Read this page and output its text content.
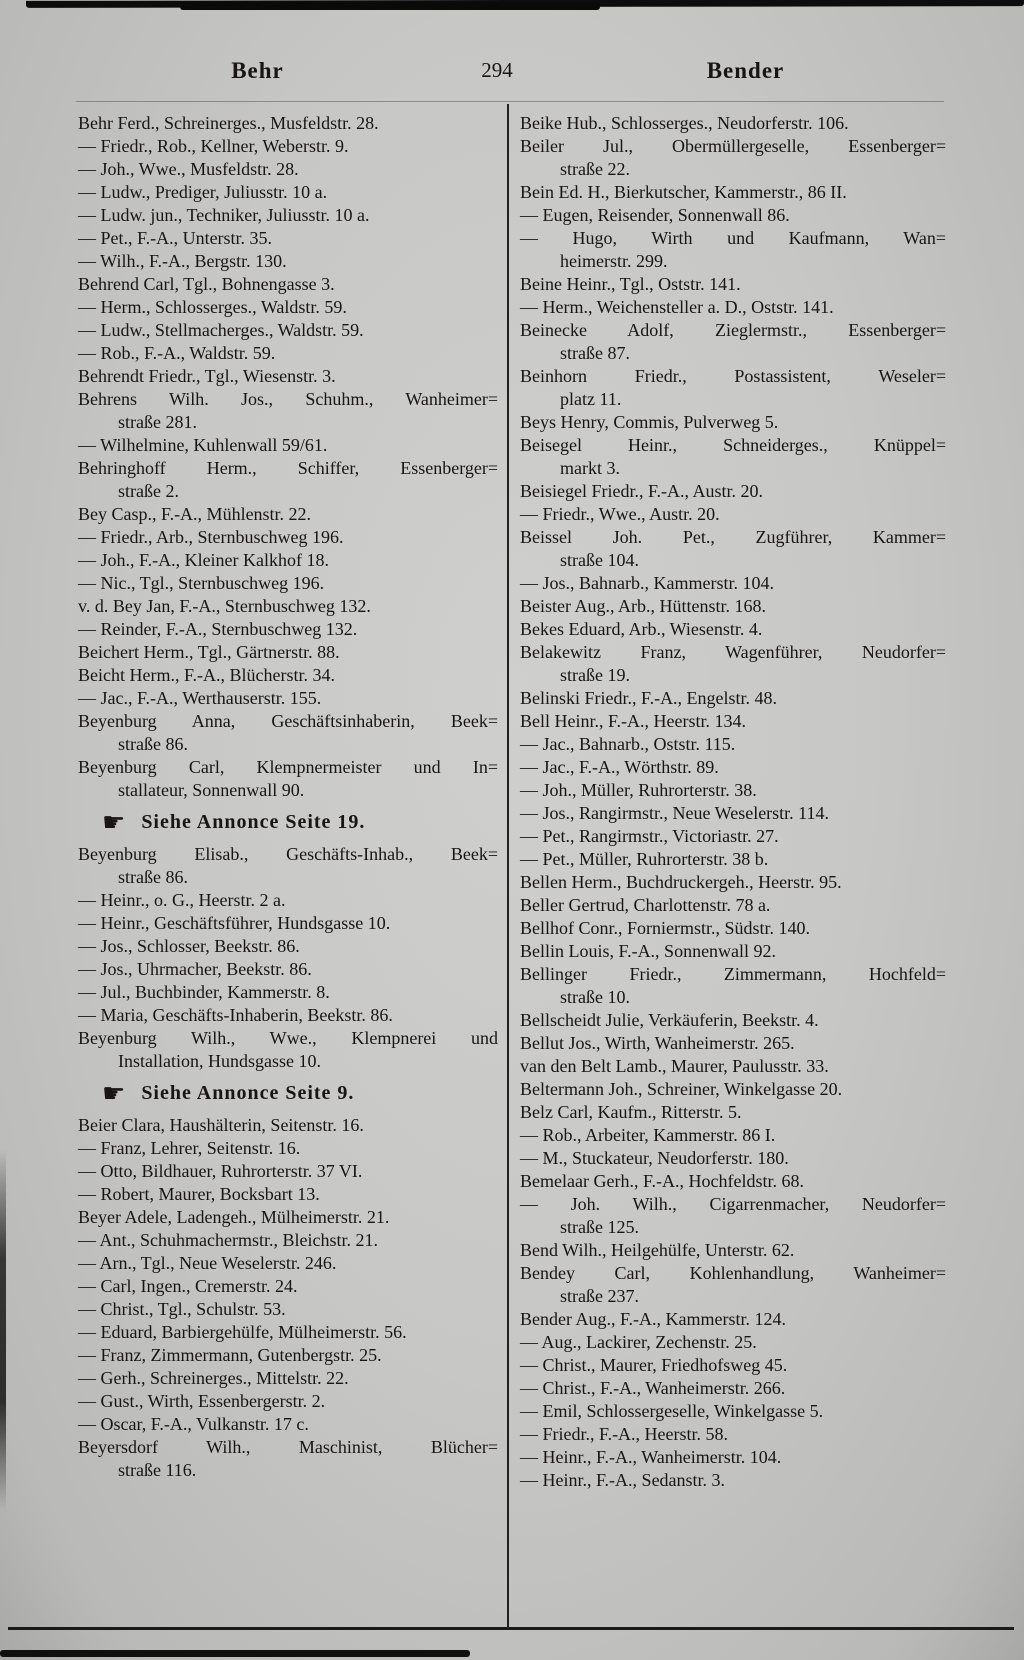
Behr	294	Bender
Behr Ferd., Schreinerges., Musfeldstr. 28.
— Friedr., Rob., Kellner, Weberstr. 9.
— Joh., Wwe., Musfeldstr. 28.
— Ludw., Prediger, Juliusstr. 10 a.
— Ludw. jun., Techniker, Juliusstr. 10 a.
— Pet., F.-A., Unterstr. 35.
— Wilh., F.-A., Bergstr. 130.
Behrend Carl, Tgl., Bohnengasse 3.
— Herm., Schlosserges., Waldstr. 59.
— Ludw., Stellmacherges., Waldstr. 59.
— Rob., F.-A., Waldstr. 59.
Behrendt Friedr., Tgl., Wiesenstr. 3.
Behrens Wilh. Jos., Schuhm., Wanheimer=
straße 281.
— Wilhelmine, Kuhlenwall 59/61.
Behringhoff Herm., Schiffer, Essenberger=
straße 2.
Bey Casp., F.-A., Mühlenstr. 22.
— Friedr., Arb., Sternbuschweg 196.
— Joh., F.-A., Kleiner Kalkhof 18.
— Nic., Tgl., Sternbuschweg 196.
v. d. Bey Jan, F.-A., Sternbuschweg 132.
— Reinder, F.-A., Sternbuschweg 132.
Beichert Herm., Tgl., Gärtnerstr. 88.
Beicht Herm., F.-A., Blücherstr. 34.
— Jac., F.-A., Werthauserstr. 155.
Beyenburg Anna, Geschäftsinhaberin, Beek=
straße 86.
Beyenburg Carl, Klempnermeister und In=
stallateur, Sonnenwall 90.
☛ Siehe Annonce Seite 19.
Beyenburg Elisab., Geschäfts-Inhab., Beek=
straße 86.
— Heinr., o. G., Heerstr. 2 a.
— Heinr., Geschäftsführer, Hundsgasse 10.
— Jos., Schlosser, Beekstr. 86.
— Jos., Uhrmacher, Beekstr. 86.
— Jul., Buchbinder, Kammerstr. 8.
— Maria, Geschäfts-Inhaberin, Beekstr. 86.
Beyenburg Wilh., Wwe., Klempnerei und
Installation, Hundsgasse 10.
☛ Siehe Annonce Seite 9.
Beier Clara, Haushälterin, Seitenstr. 16.
— Franz, Lehrer, Seitenstr. 16.
— Otto, Bildhauer, Ruhrorterstr. 37 VI.
— Robert, Maurer, Bocksbart 13.
Beyer Adele, Ladengeh., Mülheimerstr. 21.
— Ant., Schuhmachermstr., Bleichstr. 21.
— Arn., Tgl., Neue Weselerstr. 246.
— Carl, Ingen., Cremerstr. 24.
— Christ., Tgl., Schulstr. 53.
— Eduard, Barbiergehülfe, Mülheimerstr. 56.
— Franz, Zimmermann, Gutenbergstr. 25.
— Gerh., Schreinerges., Mittelstr. 22.
— Gust., Wirth, Essenbergerstr. 2.
— Oscar, F.-A., Vulkanstr. 17 c.
Beyersdorf Wilh., Maschinist, Blücher=
straße 116.
Beike Hub., Schlosserges., Neudorferstr. 106.
Beiler Jul., Obermüllergeselle, Essenberger=
straße 22.
Bein Ed. H., Bierkutscher, Kammerstr., 86 II.
— Eugen, Reisender, Sonnenwall 86.
— Hugo, Wirth und Kaufmann, Wan=
heimerstr. 299.
Beine Heinr., Tgl., Oststr. 141.
— Herm., Weichensteller a. D., Oststr. 141.
Beinecke Adolf, Zieglermstr., Essenberger=
straße 87.
Beinhorn Friedr., Postassistent, Weseler=
platz 11.
Beys Henry, Commis, Pulverweg 5.
Beisegel Heinr., Schneiderges., Knüppel=
markt 3.
Beisiegel Friedr., F.-A., Austr. 20.
— Friedr., Wwe., Austr. 20.
Beissel Joh. Pet., Zugführer, Kammer=
straße 104.
— Jos., Bahnarb., Kammerstr. 104.
Beister Aug., Arb., Hüttenstr. 168.
Bekes Eduard, Arb., Wiesenstr. 4.
Belakewitz Franz, Wagenführer, Neudorfer=
straße 19.
Belinski Friedr., F.-A., Engelstr. 48.
Bell Heinr., F.-A., Heerstr. 134.
— Jac., Bahnarb., Oststr. 115.
— Jac., F.-A., Wörthstr. 89.
— Joh., Müller, Ruhrorterstr. 38.
— Jos., Rangirmstr., Neue Weselerstr. 114.
— Pet., Rangirmstr., Victoriastr. 27.
— Pet., Müller, Ruhrorterstr. 38 b.
Bellen Herm., Buchdruckergeh., Heerstr. 95.
Beller Gertrud, Charlottenstr. 78 a.
Bellhof Conr., Forniermstr., Südstr. 140.
Bellin Louis, F.-A., Sonnenwall 92.
Bellinger Friedr., Zimmermann, Hochfeld=
straße 10.
Bellscheidt Julie, Verkäuferin, Beekstr. 4.
Bellut Jos., Wirth, Wanheimerstr. 265.
van den Belt Lamb., Maurer, Paulusstr. 33.
Beltermann Joh., Schreiner, Winkelgasse 20.
Belz Carl, Kaufm., Ritterstr. 5.
— Rob., Arbeiter, Kammerstr. 86 I.
— M., Stuckateur, Neudorferstr. 180.
Bemelaar Gerh., F.-A., Hochfeldstr. 68.
— Joh. Wilh., Cigarrenmacher, Neudorfer=
straße 125.
Bend Wilh., Heilgehülfe, Unterstr. 62.
Bendey Carl, Kohlenhandlung, Wanheimer=
straße 237.
Bender Aug., F.-A., Kammerstr. 124.
— Aug., Lackirer, Zechenstr. 25.
— Christ., Maurer, Friedhofsweg 45.
— Christ., F.-A., Wanheimerstr. 266.
— Emil, Schlossergeselle, Winkelgasse 5.
— Friedr., F.-A., Heerstr. 58.
— Heinr., F.-A., Wanheimerstr. 104.
— Heinr., F.-A., Sedanstr. 3.
